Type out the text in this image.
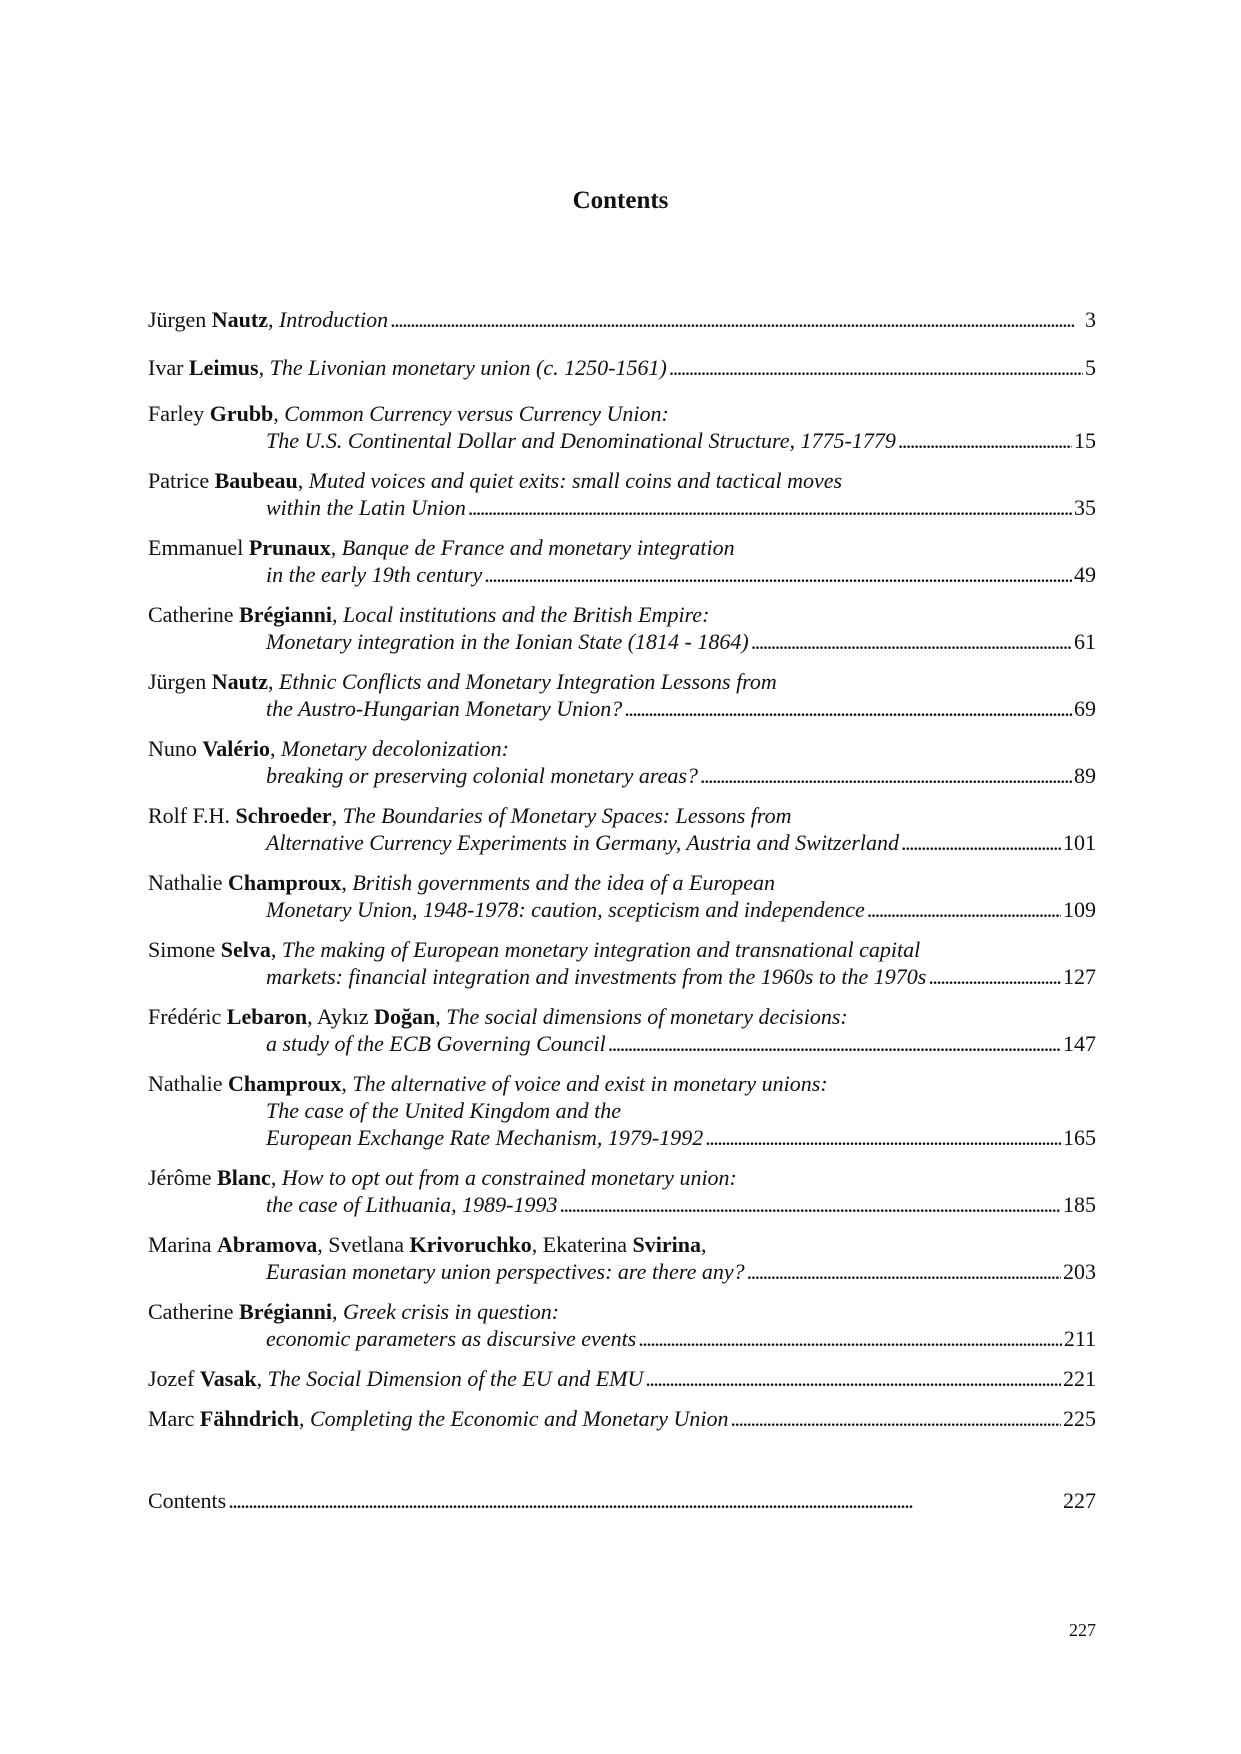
Contents
Jürgen Nautz, Introduction . . .	3
Ivar Leimus, The Livonian monetary union (c. 1250-1561) . . .	5
Farley Grubb, Common Currency versus Currency Union:
The U.S. Continental Dollar and Denominational Structure, 1775-1779 . . .	15
Patrice Baubeau, Muted voices and quiet exits: small coins and tactical moves
within the Latin Union . . .	35
Emmanuel Prunaux, Banque de France and monetary integration
in the early 19th century . . .	49
Catherine Brégianni, Local institutions and the British Empire:
Monetary integration in the Ionian State (1814 - 1864) . . .	61
Jürgen Nautz, Ethnic Conflicts and Monetary Integration Lessons from
the Austro-Hungarian Monetary Union? . . .	69
Nuno Valério, Monetary decolonization:
breaking or preserving colonial monetary areas? . . .	89
Rolf F.H. Schroeder, The Boundaries of Monetary Spaces: Lessons from
Alternative Currency Experiments in Germany, Austria and Switzerland . . .	101
Nathalie Champroux, British governments and the idea of a European
Monetary Union, 1948-1978: caution, scepticism and independence . . .	109
Simone Selva, The making of European monetary integration and transnational capital
markets: financial integration and investments from the 1960s to the 1970s . . .	127
Frédéric Lebaron, Aykız Doğan, The social dimensions of monetary decisions:
a study of the ECB Governing Council . . .	147
Nathalie Champroux, The alternative of voice and exist in monetary unions:
The case of the United Kingdom and the
European Exchange Rate Mechanism, 1979-1992 . . .	165
Jérôme Blanc, How to opt out from a constrained monetary union:
the case of Lithuania, 1989-1993 . . .	185
Marina Abramova, Svetlana Krivoruchko, Ekaterina Svirina,
Eurasian monetary union perspectives: are there any? . . .	203
Catherine Brégianni, Greek crisis in question:
economic parameters as discursive events . . .	211
Jozef Vasak, The Social Dimension of the EU and EMU . . .	221
Marc Fähndrich, Completing the Economic and Monetary Union . . .	225
Contents . . .	227
227
